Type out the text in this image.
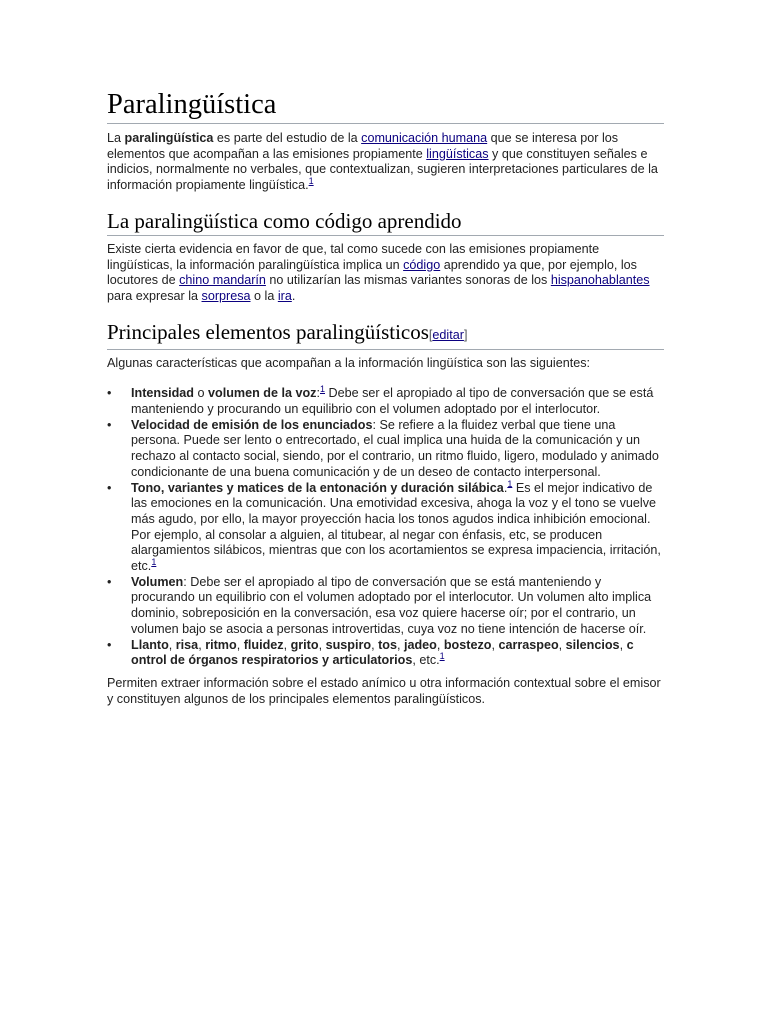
Paralingüística

La paralingüística es parte del estudio de la comunicación humana que se interesa por los elementos que acompañan a las emisiones propiamente lingüísticas y que constituyen señales e indicios, normalmente no verbales, que contextualizan, sugieren interpretaciones particulares de la información propiamente lingüística.$^1$

La paralingüística como código aprendido

Existe cierta evidencia en favor de que, tal como sucede con las emisiones propiamente lingüísticas, la información paralingüística implica un código aprendido ya que, por ejemplo, los locutores de chino mandarín no utilizarían las mismas variantes sonoras de los hispanohablantes para expresar la sorpresa o la ira.

Principales elementos paralingüísticos[editar]

Algunas características que acompañan a la información lingüística son las siguientes:

• Intensidad o volumen de la voz:$^1$ Debe ser el apropiado al tipo de conversación que se está manteniendo y procurando un equilibrio con el volumen adoptado por el interlocutor.
• Velocidad de emisión de los enunciados: Se refiere a la fluidez verbal que tiene una persona. Puede ser lento o entrecortado, el cual implica una huida de la comunicación y un rechazo al contacto social, siendo, por el contrario, un ritmo fluido, ligero, modulado y animado condicionante de una buena comunicación y de un deseo de contacto interpersonal.
• Tono, variantes y matices de la entonación y duración silábica.$^1$ Es el mejor indicativo de las emociones en la comunicación. Una emotividad excesiva, ahoga la voz y el tono se vuelve más agudo, por ello, la mayor proyección hacia los tonos agudos indica inhibición emocional. Por ejemplo, al consolar a alguien, al titubear, al negar con énfasis, etc, se producen alargamientos silábicos, mientras que con los acortamientos se expresa impaciencia, irritación, etc.$^1$
• Volumen: Debe ser el apropiado al tipo de conversación que se está manteniendo y procurando un equilibrio con el volumen adoptado por el interlocutor. Un volumen alto implica dominio, sobreposición en la conversación, esa voz quiere hacerse oír; por el contrario, un volumen bajo se asocia a personas introvertidas, cuya voz no tiene intención de hacerse oír.
• Llanto, risa, ritmo, fluidez, grito, suspiro, tos, jadeo, bostezo, carraspeo, silencios, c ontrol de órganos respiratorios y articulatorios, etc.$^1$

Permiten extraer información sobre el estado anímico u otra información contextual sobre el emisor y constituyen algunos de los principales elementos paralingüísticos.
